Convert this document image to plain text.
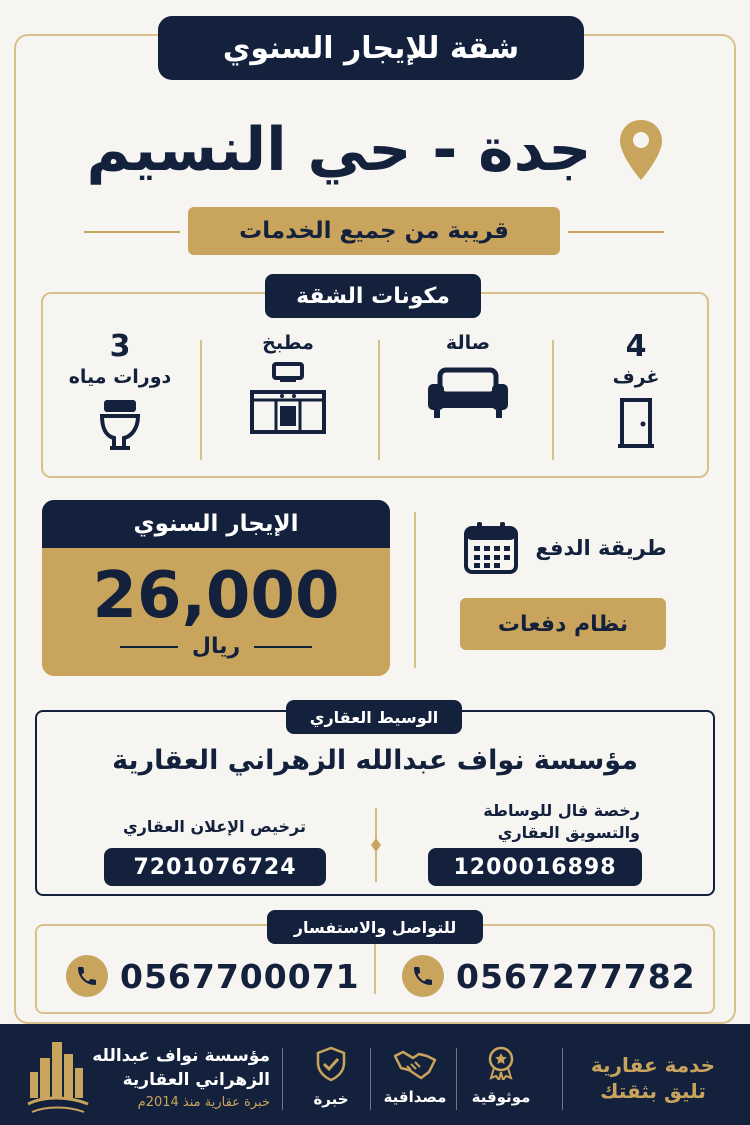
شقة للإيجار السنوي
جدة - حي النسيم
قريبة من جميع الخدمات
مكونات الشقة
4
غرف
صالة
مطبخ
3
دورات مياه
الإيجار السنوي
26,000
ريال
طريقة الدفع
نظام دفعات
الوسيط العقاري
مؤسسة نواف عبدالله الزهراني العقارية
رخصة فال للوساطة
والتسويق العقاري
1200016898
ترخيص الإعلان العقاري
7201076724
للتواصل والاستفسار
0567277782
0567700071
خدمة عقارية
تليق بثقتك
موثوقية
مصداقية
خبرة
مؤسسة نواف عبدالله
الزهراني العقارية
خبرة عقارية منذ 2014م
